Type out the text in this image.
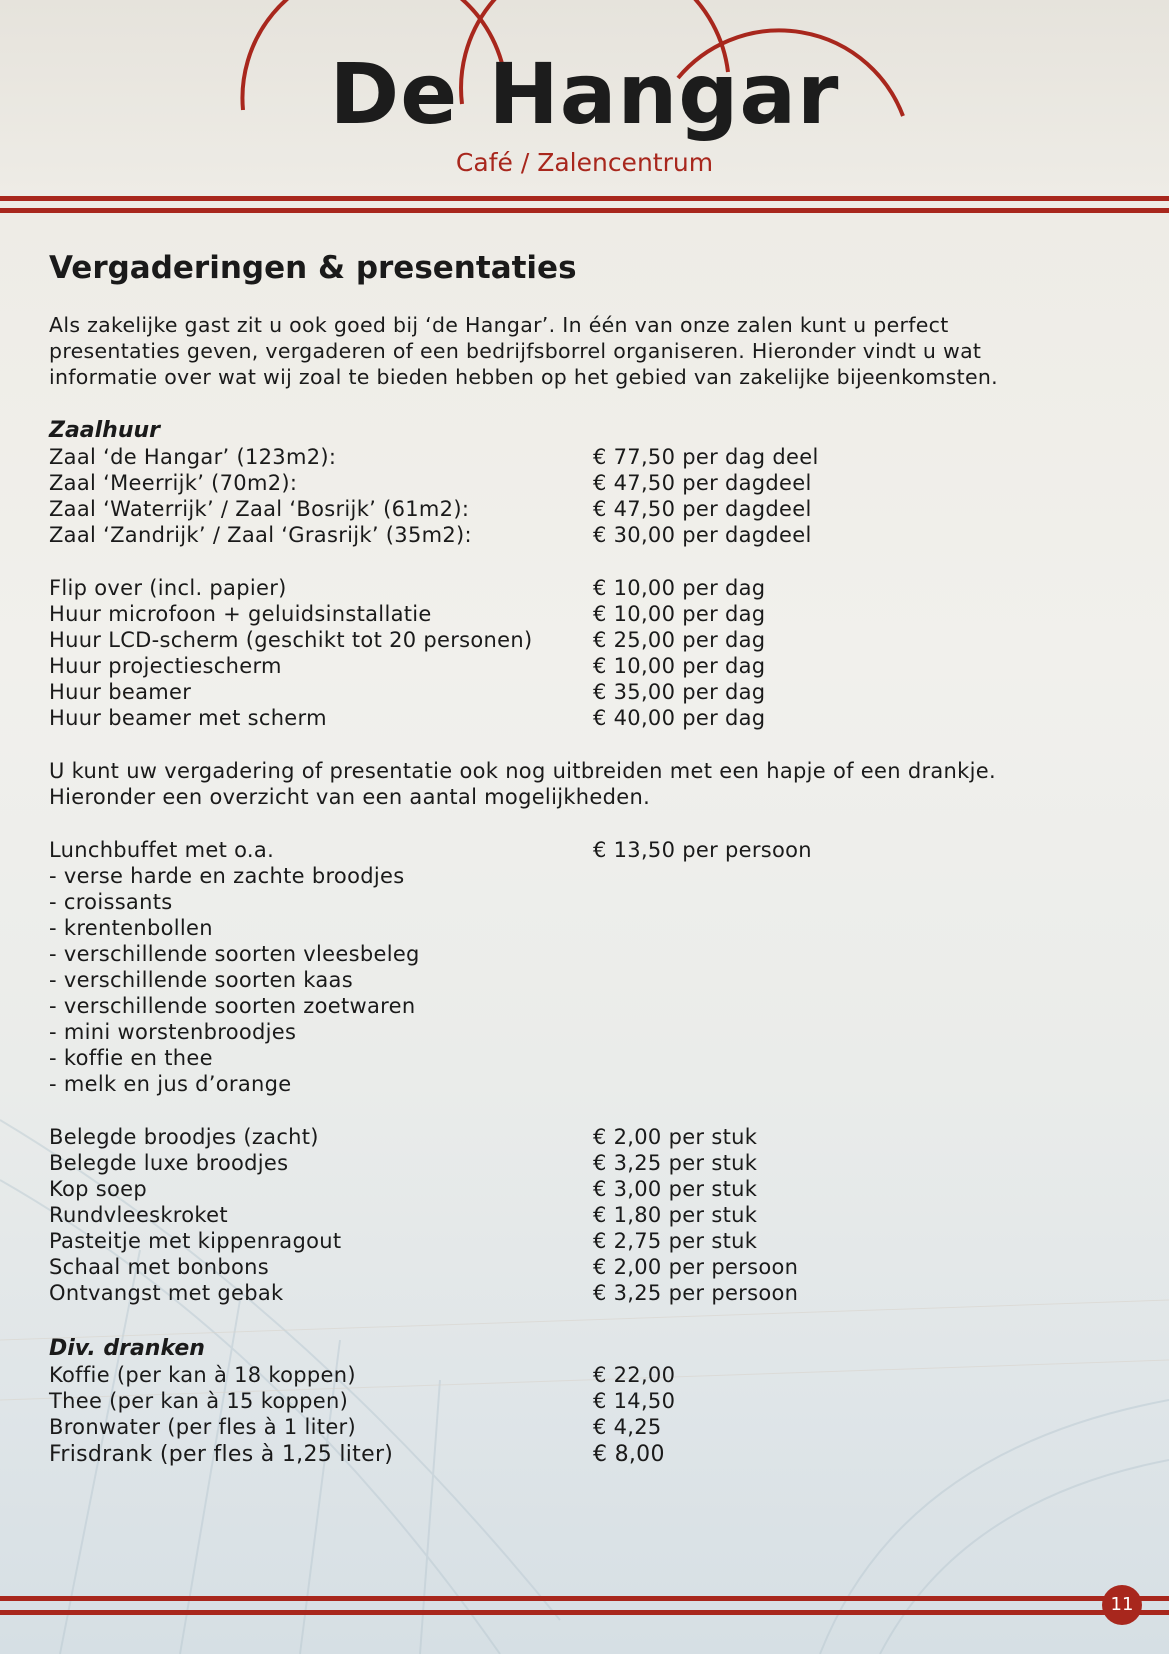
De Hangar
Café / Zalencentrum
Vergaderingen & presentaties
Als zakelijke gast zit u ook goed bij ‘de Hangar’. In één van onze zalen kunt u perfect
presentaties geven, vergaderen of een bedrijfsborrel organiseren. Hieronder vindt u wat
informatie over wat wij zoal te bieden hebben op het gebied van zakelijke bijeenkomsten.
Zaalhuur
Zaal ‘de Hangar’ (123m2):	€ 77,50 per dag deel
Zaal ‘Meerrijk’ (70m2):	€ 47,50 per dagdeel
Zaal ‘Waterrijk’ / Zaal ‘Bosrijk’ (61m2):	€ 47,50 per dagdeel
Zaal ‘Zandrijk’ / Zaal ‘Grasrijk’ (35m2):	€ 30,00 per dagdeel
Flip over (incl. papier)	€ 10,00 per dag
Huur microfoon + geluidsinstallatie	€ 10,00 per dag
Huur LCD-scherm (geschikt tot 20 personen)	€ 25,00 per dag
Huur projectiescherm	€ 10,00 per dag
Huur beamer	€ 35,00 per dag
Huur beamer met scherm	€ 40,00 per dag
U kunt uw vergadering of presentatie ook nog uitbreiden met een hapje of een drankje.
Hieronder een overzicht van een aantal mogelijkheden.
Lunchbuffet met o.a.	€ 13,50 per persoon
- verse harde en zachte broodjes
- croissants
- krentenbollen
- verschillende soorten vleesbeleg
- verschillende soorten kaas
- verschillende soorten zoetwaren
- mini worstenbroodjes
- koffie en thee
- melk en jus d’orange
Belegde broodjes (zacht)	€ 2,00 per stuk
Belegde luxe broodjes	€ 3,25 per stuk
Kop soep	€ 3,00 per stuk
Rundvleeskroket	€ 1,80 per stuk
Pasteitje met kippenragout	€ 2,75 per stuk
Schaal met bonbons	€ 2,00 per persoon
Ontvangst met gebak	€ 3,25 per persoon
Div. dranken
Koffie (per kan à 18 koppen)	€ 22,00
Thee (per kan à 15 koppen)	€ 14,50
Bronwater (per fles à 1 liter)	€ 4,25
Frisdrank (per fles à 1,25 liter)	€ 8,00
11
